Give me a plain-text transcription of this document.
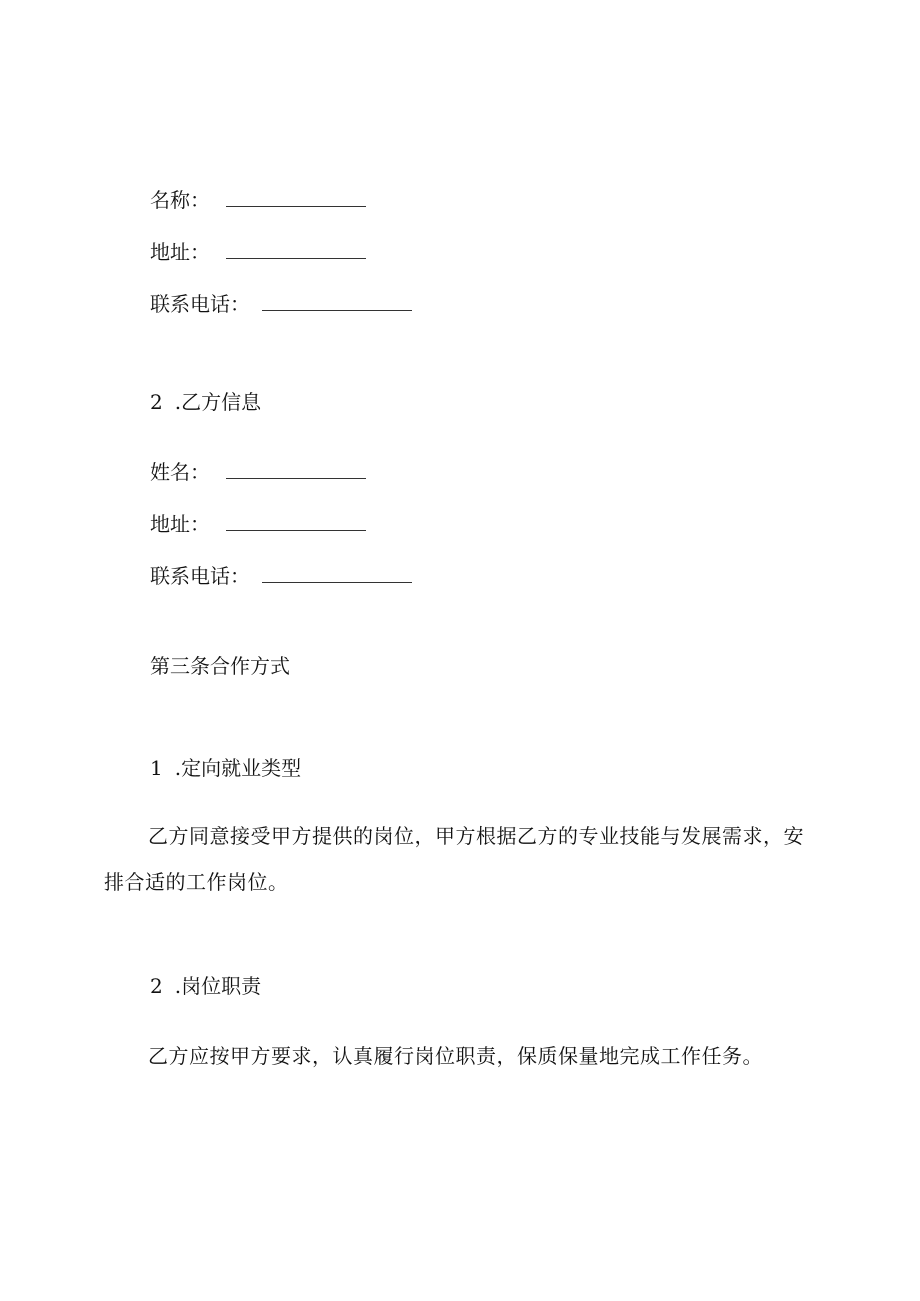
名称：
地址：
联系电话：
2 .乙方信息
姓名：
地址：
联系电话：
第三条合作方式
1 .定向就业类型
乙方同意接受甲方提供的岗位，甲方根据乙方的专业技能与发展需求，安排合适的工作岗位。
2 .岗位职责
乙方应按甲方要求，认真履行岗位职责，保质保量地完成工作任务。
